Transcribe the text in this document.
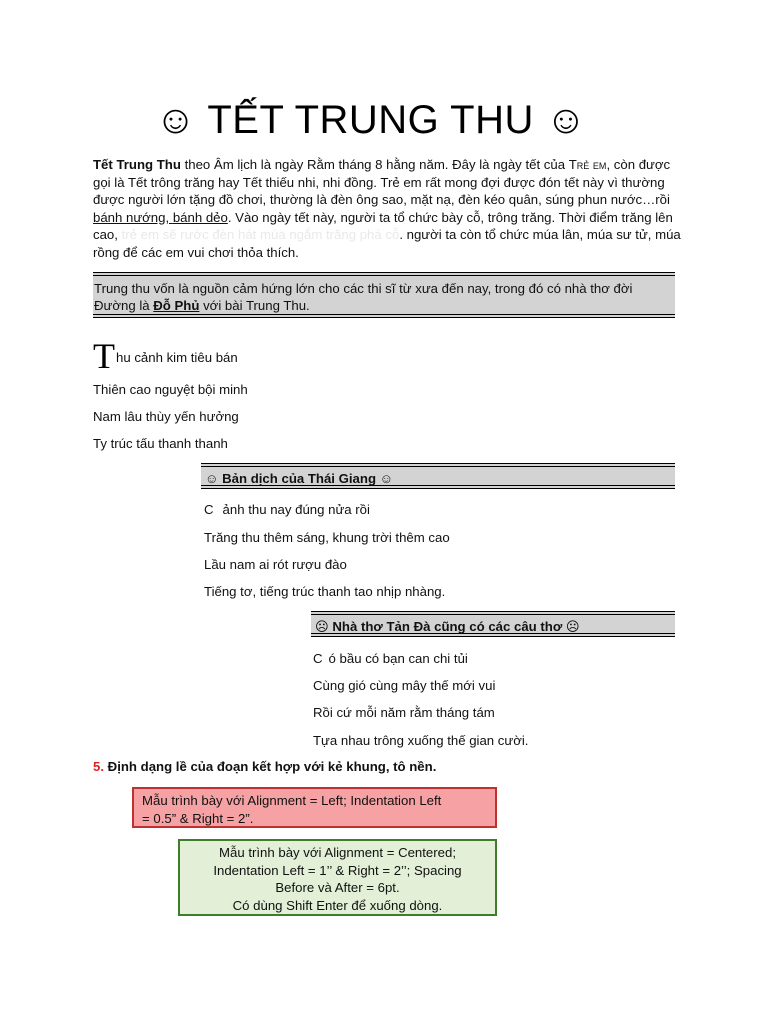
☺ TẾT TRUNG THU ☺
Tết Trung Thu theo Âm lịch là ngày Rằm tháng 8 hằng năm. Đây là ngày tết của Trẻ em, còn được gọi là Tết trông trăng hay Tết thiếu nhi, nhi đồng. Trẻ em rất mong đợi được đón tết này vì thường được người lớn tặng đồ chơi, thường là đèn ông sao, mặt nạ, đèn kéo quân, súng phun nước…rồi bánh nướng, bánh dẻo. Vào ngày tết này, người ta tổ chức bày cỗ, trông trăng. Thời điểm trăng lên cao, trẻ em sẽ rước đèn hát múa ngắm trăng phá cỗ. người ta còn tổ chức múa lân, múa sư tử, múa rồng để các em vui chơi thỏa thích.
Trung thu vốn là nguồn cảm hứng lớn cho các thi sĩ từ xưa đến nay, trong đó có nhà thơ đời Đường là Đỗ Phủ với bài Trung Thu.
Thu cảnh kim tiêu bán
Thiên cao nguyệt bội minh
Nam lâu thùy yến hưởng
Ty trúc tấu thanh thanh
☺ Bản dịch của Thái Giang ☺
C ảnh thu nay đúng nửa rồi
Trăng thu thêm sáng, khung trời thêm cao
Lầu nam ai rót rượu đào
Tiếng tơ, tiếng trúc thanh tao nhịp nhàng.
☹ Nhà thơ Tản Đà cũng có các câu thơ ☹
C ó bầu có bạn can chi tủi
Cùng gió cùng mây thế mới vui
Rồi cứ mỗi năm rằm tháng tám
Tựa nhau trông xuống thế gian cười.
5. Định dạng lề của đoạn kết hợp với kẻ khung, tô nền.
Mẫu trình bày với Alignment = Left; Indentation Left
= 0.5” & Right = 2”.
Mẫu trình bày với Alignment = Centered;
Indentation Left = 1’’ & Right = 2’’; Spacing
Before và After = 6pt.
Có dùng Shift Enter để xuống dòng.
